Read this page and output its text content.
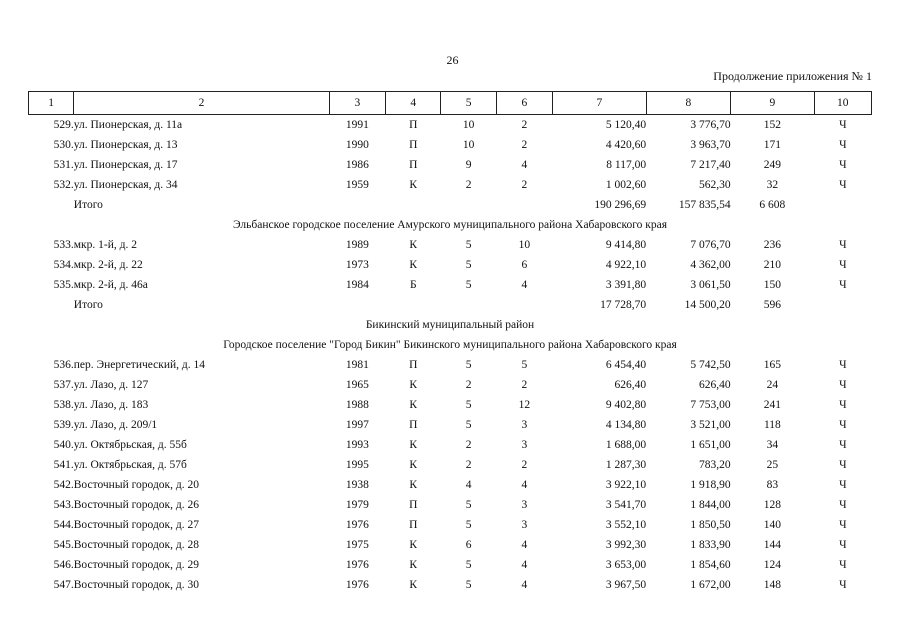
26
Продолжение приложения № 1
1	2	3	4	5	6	7	8	9	10
529.	ул. Пионерская, д. 11а	1991	П	10	2	5 120,40	3 776,70	152	Ч
530.	ул. Пионерская, д. 13	1990	П	10	2	4 420,60	3 963,70	171	Ч
531.	ул. Пионерская, д. 17	1986	П	9	4	8 117,00	7 217,40	249	Ч
532.	ул. Пионерская, д. 34	1959	К	2	2	1 002,60	562,30	32	Ч
	Итого					190 296,69	157 835,54	6 608	
Эльбанское городское поселение Амурского муниципального района Хабаровского края									
533.	мкр. 1-й, д. 2	1989	К	5	10	9 414,80	7 076,70	236	Ч
534.	мкр. 2-й, д. 22	1973	К	5	6	4 922,10	4 362,00	210	Ч
535.	мкр. 2-й, д. 46а	1984	Б	5	4	3 391,80	3 061,50	150	Ч
	Итого					17 728,70	14 500,20	596	
Бикинский муниципальный район									
Городское поселение "Город Бикин" Бикинского муниципального района Хабаровского края									
536.	пер. Энергетический, д. 14	1981	П	5	5	6 454,40	5 742,50	165	Ч
537.	ул. Лазо, д. 127	1965	К	2	2	626,40	626,40	24	Ч
538.	ул. Лазо, д. 183	1988	К	5	12	9 402,80	7 753,00	241	Ч
539.	ул. Лазо, д. 209/1	1997	П	5	3	4 134,80	3 521,00	118	Ч
540.	ул. Октябрьская, д. 55б	1993	К	2	3	1 688,00	1 651,00	34	Ч
541.	ул. Октябрьская, д. 57б	1995	К	2	2	1 287,30	783,20	25	Ч
542.	Восточный городок, д. 20	1938	К	4	4	3 922,10	1 918,90	83	Ч
543.	Восточный городок, д. 26	1979	П	5	3	3 541,70	1 844,00	128	Ч
544.	Восточный городок, д. 27	1976	П	5	3	3 552,10	1 850,50	140	Ч
545.	Восточный городок, д. 28	1975	К	6	4	3 992,30	1 833,90	144	Ч
546.	Восточный городок, д. 29	1976	К	5	4	3 653,00	1 854,60	124	Ч
547.	Восточный городок, д. 30	1976	К	5	4	3 967,50	1 672,00	148	Ч
